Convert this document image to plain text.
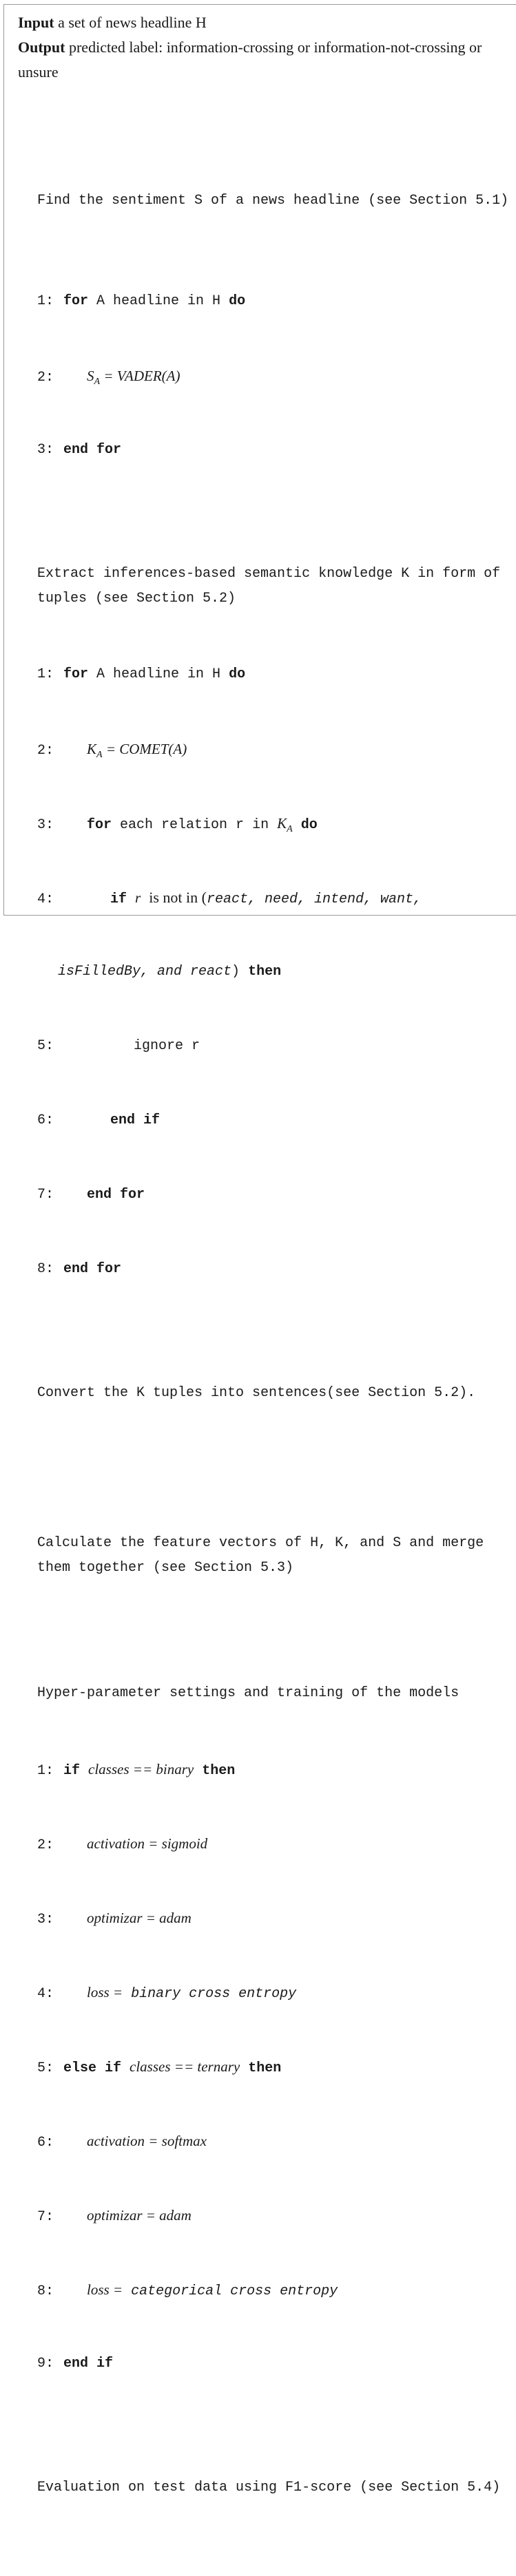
Input a set of news headline H
Output predicted label: information-crossing or information-not-crossing or unsure

Find the sentiment S of a news headline (see Section 5.1)

1: for A headline in H do

2: $S_A$ = VADER(A)

3: end for

Extract inferences-based semantic knowledge K in form of tuples (see Section 5.2)

1: for A headline in H do

2: $K_A$ = COMET(A)

3: for each relation r in $K_A$ do

4:	if r is not in (react, need, intend, want,

isFilledBy, and react) then

5:	ignore r

6:	end if

7: end for

8: end for

Convert the K tuples into sentences(see Section 5.2).

Calculate the feature vectors of H, K, and S and merge them together (see Section 5.3)

Hyper-parameter settings and training of the models

1: if classes == binary then

2: activation = sigmoid

3: optimizar = adam

4: loss = binary cross entropy

5: else if classes == ternary then

6: activation = softmax

7: optimizar = adam

8: loss = categorical cross entropy

9: end if

Evaluation on test data using F1-score (see Section 5.4)
